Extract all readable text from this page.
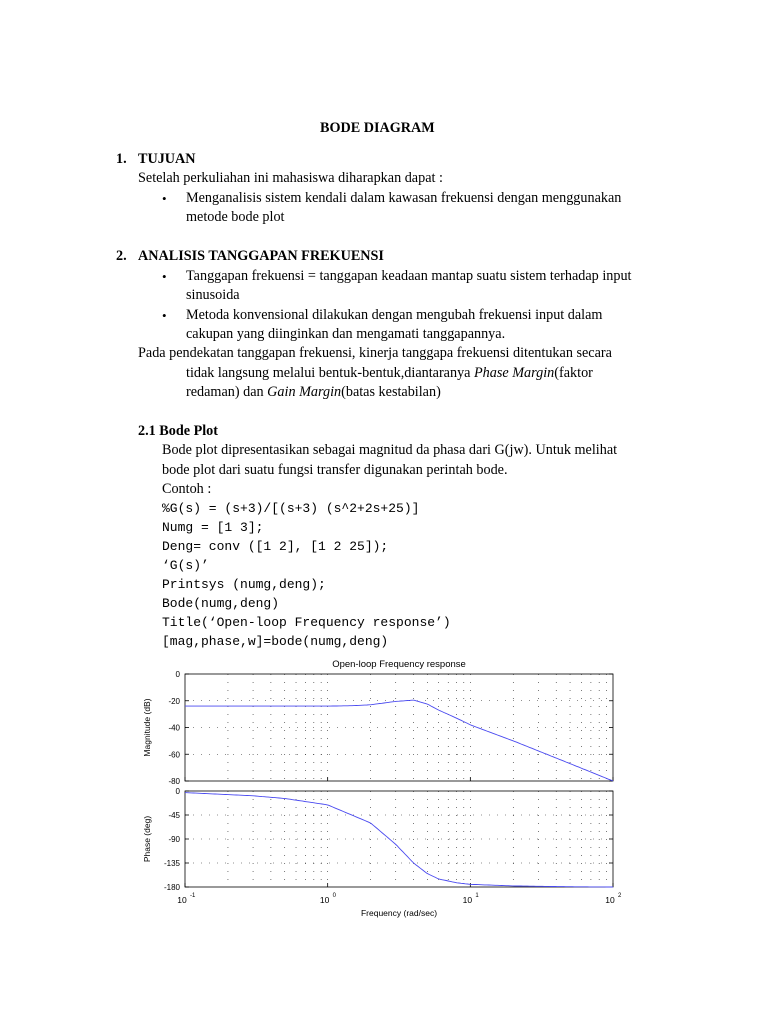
BODE DIAGRAM
1. TUJUAN
Setelah perkuliahan ini mahasiswa diharapkan dapat :
• Menganalisis sistem kendali dalam kawasan frekuensi dengan menggunakan
metode bode plot
2. ANALISIS TANGGAPAN FREKUENSI
• Tanggapan frekuensi = tanggapan keadaan mantap suatu sistem terhadap input
sinusoida
• Metoda konvensional dilakukan dengan mengubah frekuensi input dalam
cakupan yang diinginkan dan mengamati tanggapannya.
Pada pendekatan tanggapan frekuensi, kinerja tanggapa frekuensi ditentukan secara
tidak langsung melalui bentuk-bentuk,diantaranya Phase Margin(faktor
redaman) dan Gain Margin(batas kestabilan)
2.1 Bode Plot
Bode plot dipresentasikan sebagai magnitud da phasa dari G(jw). Untuk melihat
bode plot dari suatu fungsi transfer digunakan perintah bode.
Contoh :
%G(s) = (s+3)/[(s+3) (s^2+2s+25)]
Numg = [1 3];
Deng= conv ([1 2], [1 2 25]);
‘G(s)’
Printsys (numg,deng);
Bode(numg,deng)
Title(‘Open-loop Frequency response’)
[mag,phase,w]=bode(numg,deng)
Open-loop Frequency response
0
-20
-40
-60
-80
Magnitude (dB)
0
-45
-90
-135
-180
Phase (deg)
10 -1	10 0	10 1	10 2
Frequency (rad/sec)
